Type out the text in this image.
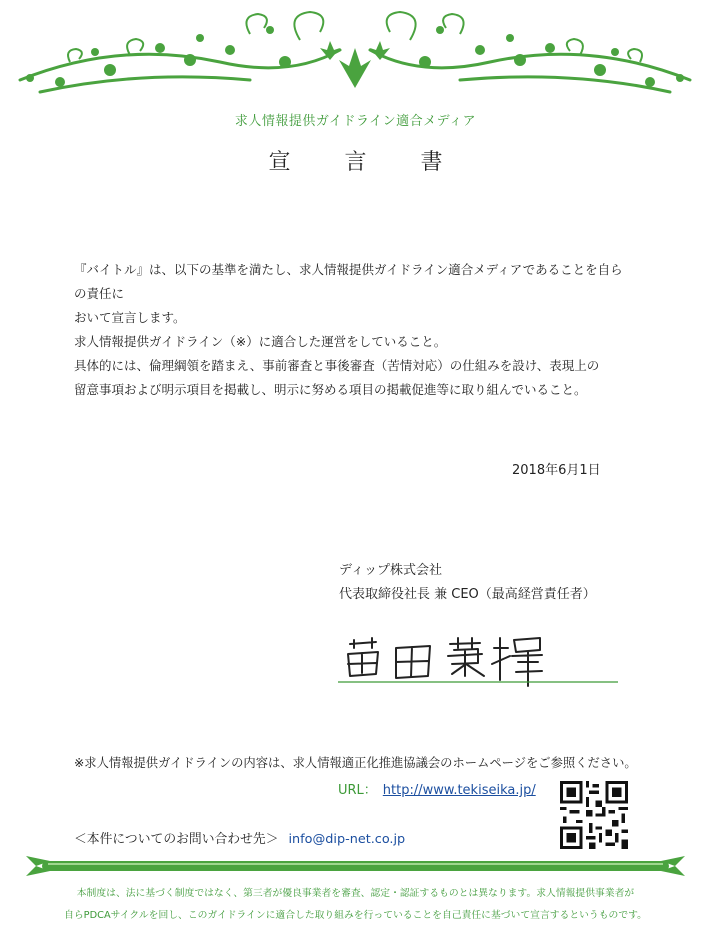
求人情報提供ガイドライン適合メディア
宣 言 書
『バイトル』は、以下の基準を満たし、求人情報提供ガイドライン適合メディアであることを自らの責任に
おいて宣言します。
求人情報提供ガイドライン（※）に適合した運営をしていること。
具体的には、倫理綱領を踏まえ、事前審査と事後審査（苦情対応）の仕組みを設け、表現上の
留意事項および明示項目を掲載し、明示に努める項目の掲載促進等に取り組んでいること。
2018年6月1日
ディップ株式会社
代表取締役社長 兼 CEO（最高経営責任者）
※求人情報提供ガイドラインの内容は、求人情報適正化推進協議会のホームページをご参照ください。
URL： http://www.tekiseika.jp/
＜本件についてのお問い合わせ先＞ info@dip-net.co.jp
本制度は、法に基づく制度ではなく、第三者が優良事業者を審査、認定・認証するものとは異なります。求人情報提供事業者が
自らPDCAサイクルを回し、このガイドラインに適合した取り組みを行っていることを自己責任に基づいて宣言するというものです。
